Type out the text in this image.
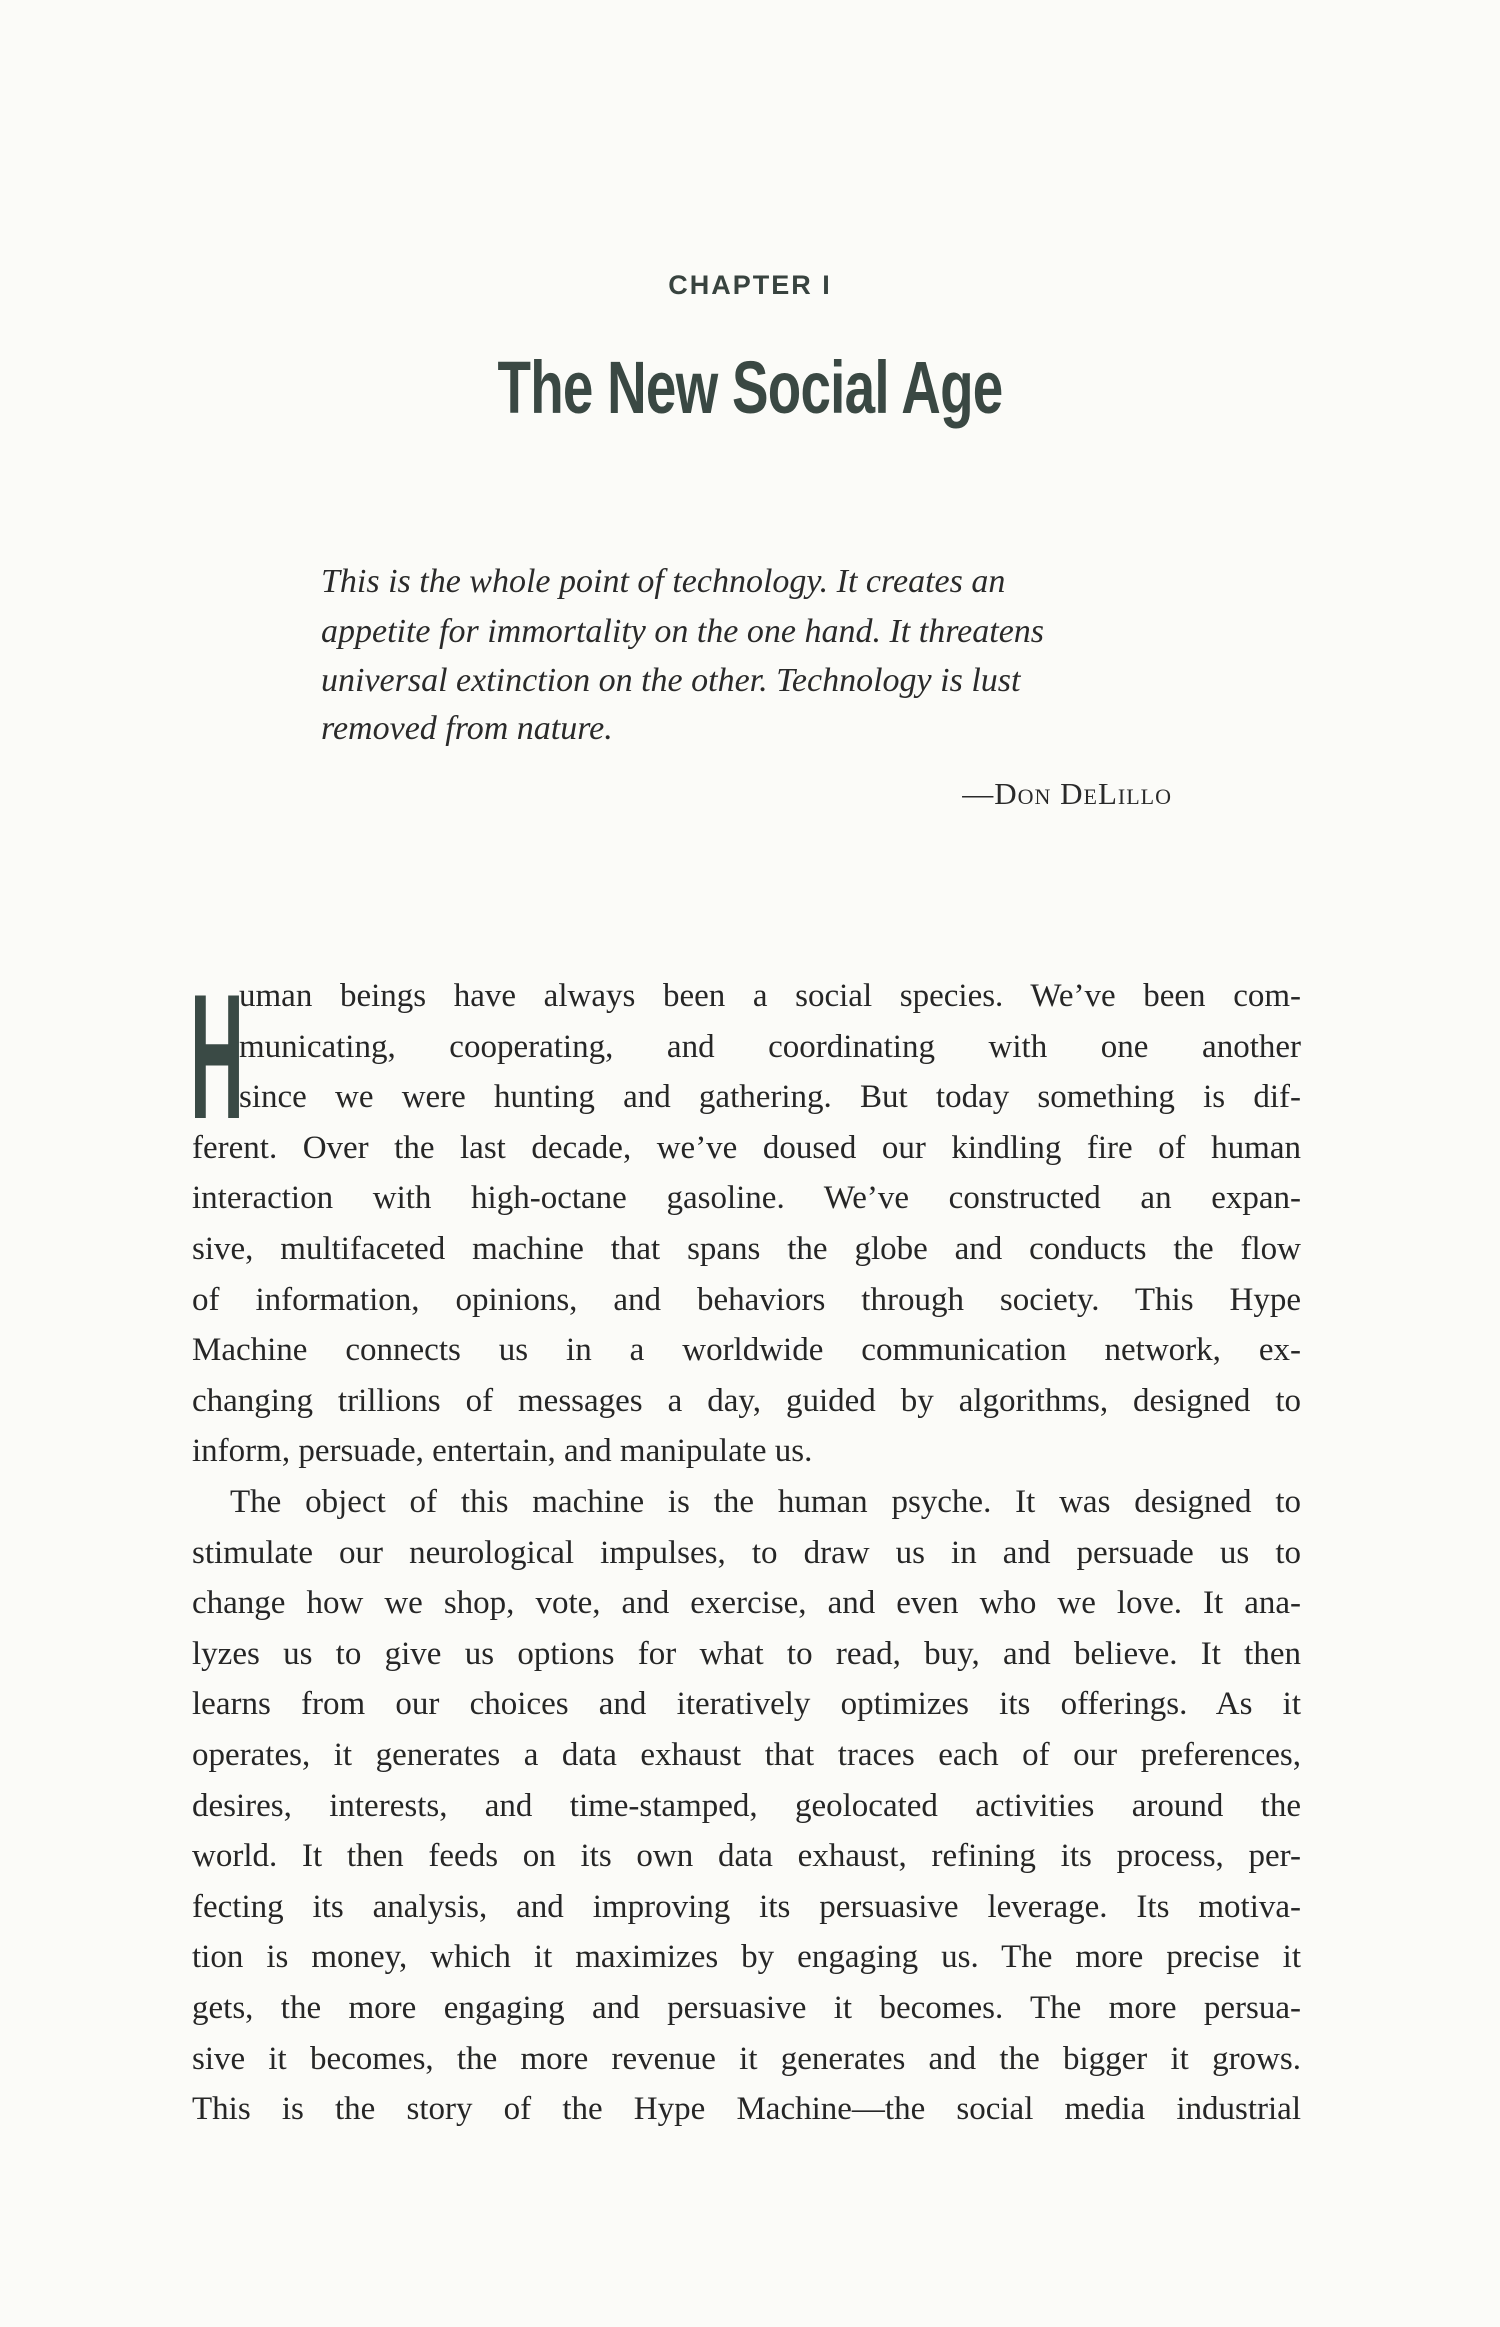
CHAPTER I
The New Social Age
This is the whole point of technology. It creates an
appetite for immortality on the one hand. It threatens
universal extinction on the other. Technology is lust
removed from nature.
—Don DeLillo
H
uman beings have always been a social species. We’ve been com-
municating, cooperating, and coordinating with one another
since we were hunting and gathering. But today something is dif-
ferent. Over the last decade, we’ve doused our kindling fire of human
interaction with high-octane gasoline. We’ve constructed an expan-
sive, multifaceted machine that spans the globe and conducts the flow
of information, opinions, and behaviors through society. This Hype
Machine connects us in a worldwide communication network, ex-
changing trillions of messages a day, guided by algorithms, designed to
inform, persuade, entertain, and manipulate us.
The object of this machine is the human psyche. It was designed to
stimulate our neurological impulses, to draw us in and persuade us to
change how we shop, vote, and exercise, and even who we love. It ana-
lyzes us to give us options for what to read, buy, and believe. It then
learns from our choices and iteratively optimizes its offerings. As it
operates, it generates a data exhaust that traces each of our preferences,
desires, interests, and time-stamped, geolocated activities around the
world. It then feeds on its own data exhaust, refining its process, per-
fecting its analysis, and improving its persuasive leverage. Its motiva-
tion is money, which it maximizes by engaging us. The more precise it
gets, the more engaging and persuasive it becomes. The more persua-
sive it becomes, the more revenue it generates and the bigger it grows.
This is the story of the Hype Machine—the social media industrial
